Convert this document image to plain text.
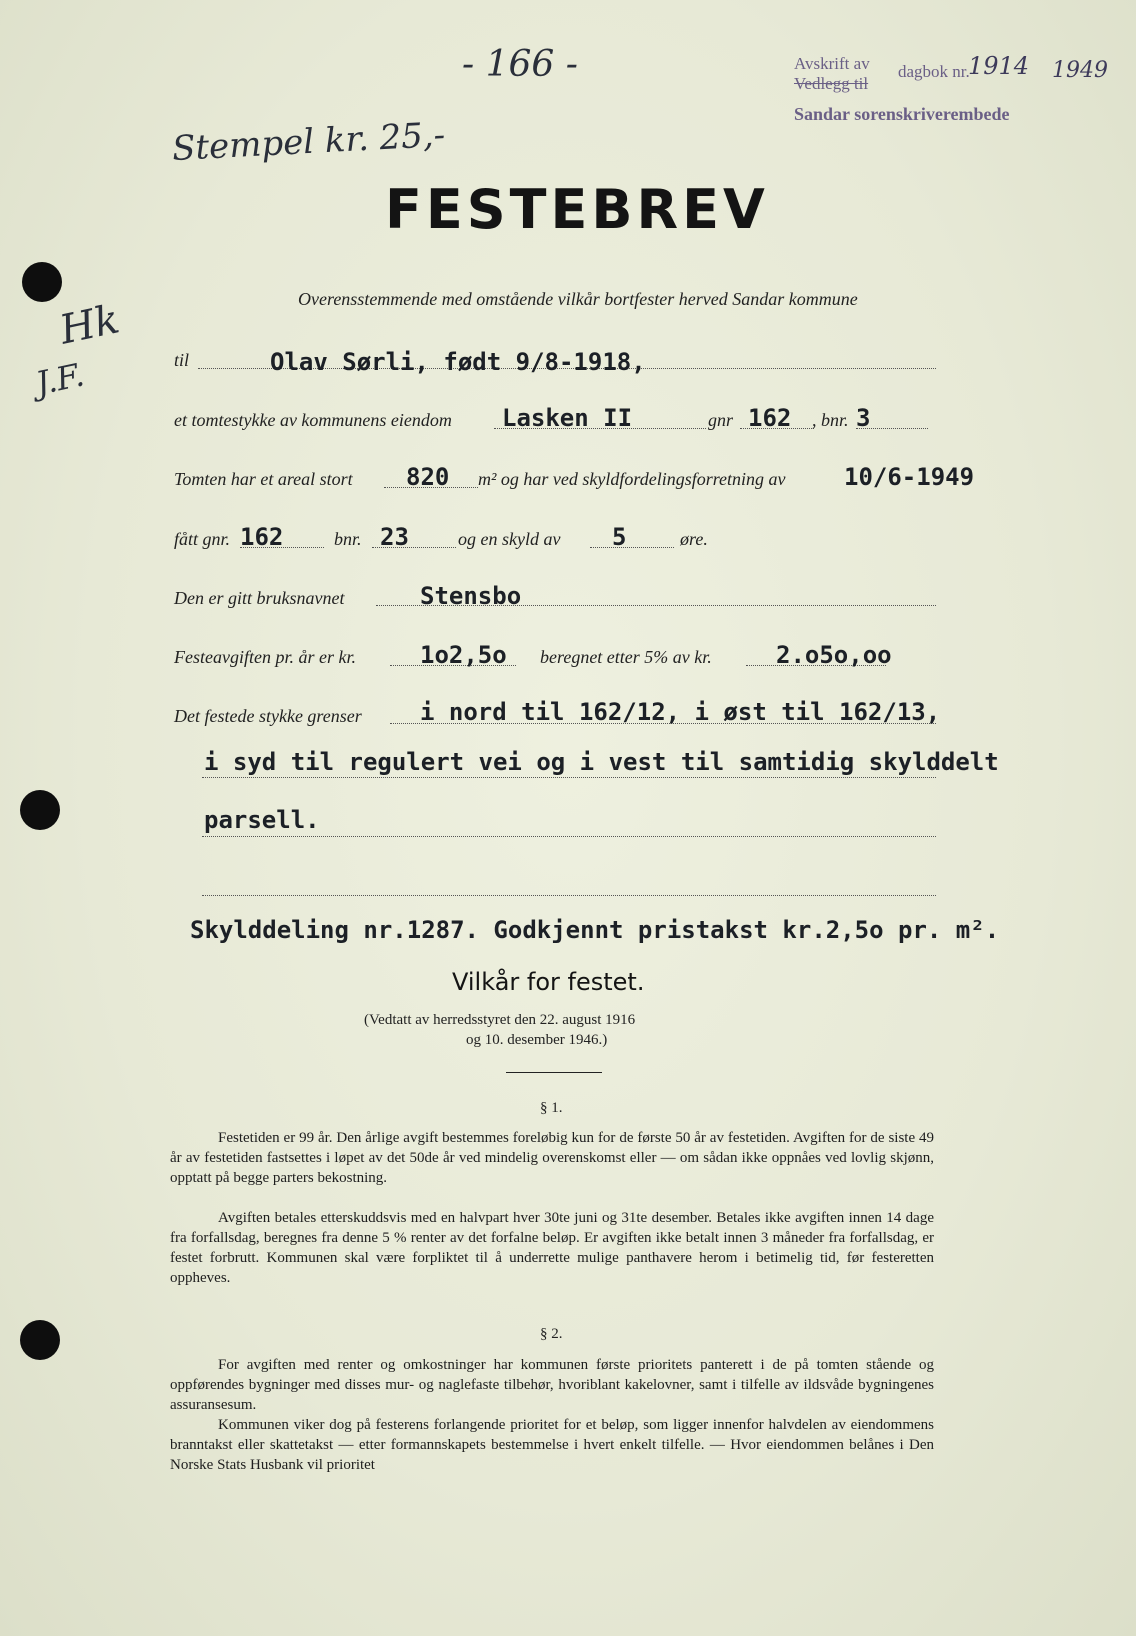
- 166 -	Avskrift av
Vedlegg til
dagbok nr.
1914 1949
Sandar sorenskriverembede
Stempel kr. 25,-
Hk
J.F.
FESTEBREV
Overensstemmende med omstående vilkår bortfester herved Sandar kommune
til	Olav Sørli, født 9/8-1918,
et tomtestykke av kommunens eiendom Lasken II	gnr 162 , bnr. 3
Tomten har et areal stort 820 m² og har ved skyldfordelingsforretning av 10/6-1949
fått gnr. 162	bnr. 23	og en skyld av 5	øre.
Den er gitt bruksnavnet	Stensbo
Festeavgiften pr. år er kr.	1o2,5o beregnet etter 5% av kr.	2.o5o,oo
Det festede stykke grenser i nord til 162/12, i øst til 162/13,
i syd til regulert vei og i vest til samtidig skylddelt
parsell.
Skylddeling nr.1287. Godkjennt pristakst kr.2,5o pr. m².
Vilkår for festet.
(Vedtatt av herredsstyret den 22. august 1916
og 10. desember 1946.)
§ 1.
Festetiden er 99 år. Den årlige avgift bestemmes foreløbig kun for de første 50 år av festetiden. Avgiften for de siste 49 år av festetiden fastsettes i løpet av det 50de år ved mindelig overenskomst eller — om sådan ikke oppnåes ved lovlig skjønn, opptatt på begge parters bekostning.
Avgiften betales etterskuddsvis med en halvpart hver 30te juni og 31te desember. Betales ikke avgiften innen 14 dage fra forfallsdag, beregnes fra denne 5 % renter av det forfalne beløp. Er avgiften ikke betalt innen 3 måneder fra forfallsdag, er festet forbrutt. Kommunen skal være forpliktet til å underrette mulige panthavere herom i betimelig tid, før festeretten oppheves.
§ 2.
For avgiften med renter og omkostninger har kommunen første prioritets panterett i de på tomten stående og oppførendes bygninger med disses mur- og naglefaste tilbehør, hvoriblant kakelovner, samt i tilfelle av ildsvåde bygningenes assuransesum.
Kommunen viker dog på festerens forlangende prioritet for et beløp, som ligger innenfor halvdelen av eiendommens branntakst eller skattetakst — etter formannskapets bestemmelse i hvert enkelt tilfelle. — Hvor eiendommen belånes i Den Norske Stats Husbank vil prioritet
